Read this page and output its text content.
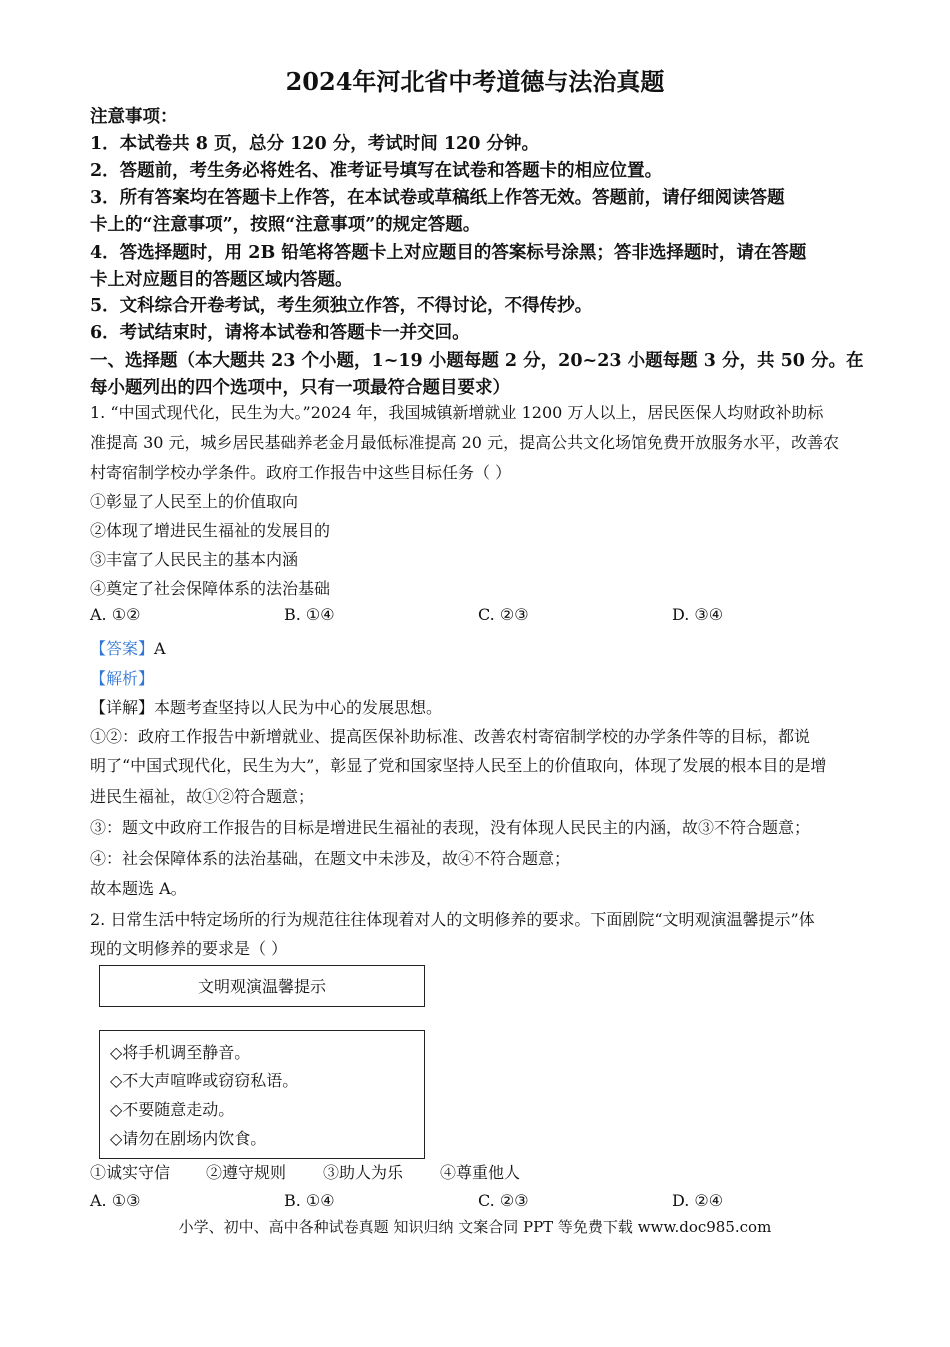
2024年河北省中考道德与法治真题
注意事项：
1．本试卷共 8 页，总分 120 分，考试时间 120 分钟。
2．答题前，考生务必将姓名、准考证号填写在试卷和答题卡的相应位置。
3．所有答案均在答题卡上作答，在本试卷或草稿纸上作答无效。答题前，请仔细阅读答题
卡上的“注意事项”，按照“注意事项”的规定答题。
4．答选择题时，用 2B 铅笔将答题卡上对应题目的答案标号涂黑；答非选择题时，请在答题
卡上对应题目的答题区域内答题。
5．文科综合开卷考试，考生须独立作答，不得讨论，不得传抄。
6．考试结束时，请将本试卷和答题卡一并交回。
一、选择题（本大题共 23 个小题，1~19 小题每题 2 分，20~23 小题每题 3 分，共 50 分。在
每小题列出的四个选项中，只有一项最符合题目要求）
1. “中国式现代化，民生为大。”2024 年，我国城镇新增就业 1200 万人以上，居民医保人均财政补助标
准提高 30 元，城乡居民基础养老金月最低标准提高 20 元，提高公共文化场馆免费开放服务水平，改善农
村寄宿制学校办学条件。政府工作报告中这些目标任务（ ）
①彰显了人民至上的价值取向
②体现了增进民生福祉的发展目的
③丰富了人民民主的基本内涵
④奠定了社会保障体系的法治基础
A. ①②	B. ①④	C. ②③	D. ③④
【答案】A
【解析】
【详解】本题考查坚持以人民为中心的发展思想。
①②：政府工作报告中新增就业、提高医保补助标准、改善农村寄宿制学校的办学条件等的目标，都说
明了“中国式现代化，民生为大”，彰显了党和国家坚持人民至上的价值取向，体现了发展的根本目的是增
进民生福祉，故①②符合题意；
③：题文中政府工作报告的目标是增进民生福祉的表现，没有体现人民民主的内涵，故③不符合题意；
④：社会保障体系的法治基础，在题文中未涉及，故④不符合题意；
故本题选 A。
2. 日常生活中特定场所的行为规范往往体现着对人的文明修养的要求。下面剧院“文明观演温馨提示”体
现的文明修养的要求是（ ）
文明观演温馨提示
◇将手机调至静音。
◇不大声喧哗或窃窃私语。
◇不要随意走动。
◇请勿在剧场内饮食。
①诚实守信 ②遵守规则 ③助人为乐 ④尊重他人
A. ①③	B. ①④	C. ②③	D. ②④
小学、初中、高中各种试卷真题 知识归纳 文案合同 PPT 等免费下载 www.doc985.com
